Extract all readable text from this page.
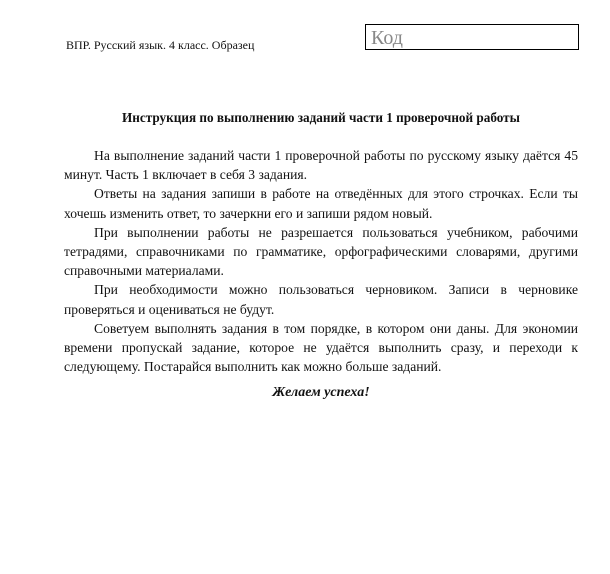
ВПР. Русский язык. 4 класс. Образец	Код
Инструкция по выполнению заданий части 1 проверочной работы

На выполнение заданий части 1 проверочной работы по русскому языку даётся 45 минут. Часть 1 включает в себя 3 задания.

Ответы на задания запиши в работе на отведённых для этого строчках. Если ты хочешь изменить ответ, то зачеркни его и запиши рядом новый.

При выполнении работы не разрешается пользоваться учебником, рабочими тетрадями, справочниками по грамматике, орфографическими словарями, другими справочными материалами.

При необходимости можно пользоваться черновиком. Записи в черновике проверяться и оцениваться не будут.

Советуем выполнять задания в том порядке, в котором они даны. Для экономии времени пропускай задание, которое не удаётся выполнить сразу, и переходи к следующему. Постарайся выполнить как можно больше заданий.

Желаем успеха!
